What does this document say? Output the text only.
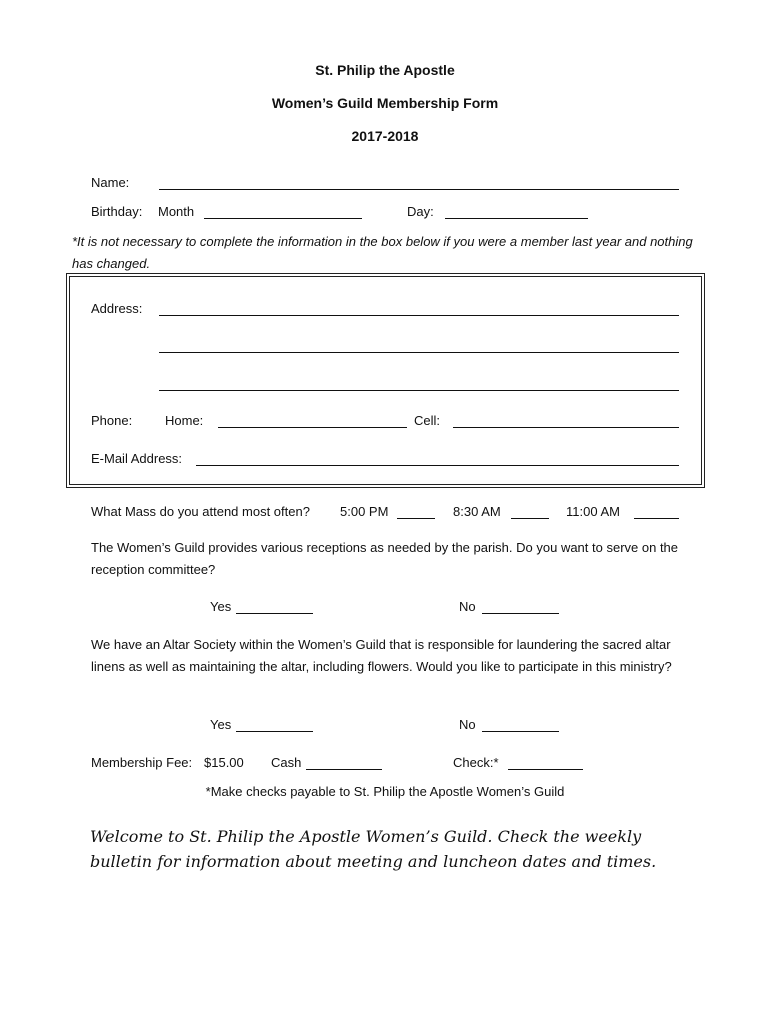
St. Philip the Apostle
Women’s Guild Membership Form
2017-2018
Name:
Birthday: Month	Day:
*It is not necessary to complete the information in the box below if you were a member last year and nothing has changed.
Address:
Phone:	Home:	Cell:
E-Mail Address:
What Mass do you attend most often? 5:00 PM	8:30 AM	11:00 AM
The Women’s Guild provides various receptions as needed by the parish. Do you want to serve on the reception committee?
Yes	No
We have an Altar Society within the Women’s Guild that is responsible for laundering the sacred altar linens as well as maintaining the altar, including flowers. Would you like to participate in this ministry?
Yes	No
Membership Fee: $15.00 Cash	Check:*
*Make checks payable to St. Philip the Apostle Women’s Guild
Welcome to St. Philip the Apostle Women’s Guild. Check the weekly bulletin for information about meeting and luncheon dates and times.
